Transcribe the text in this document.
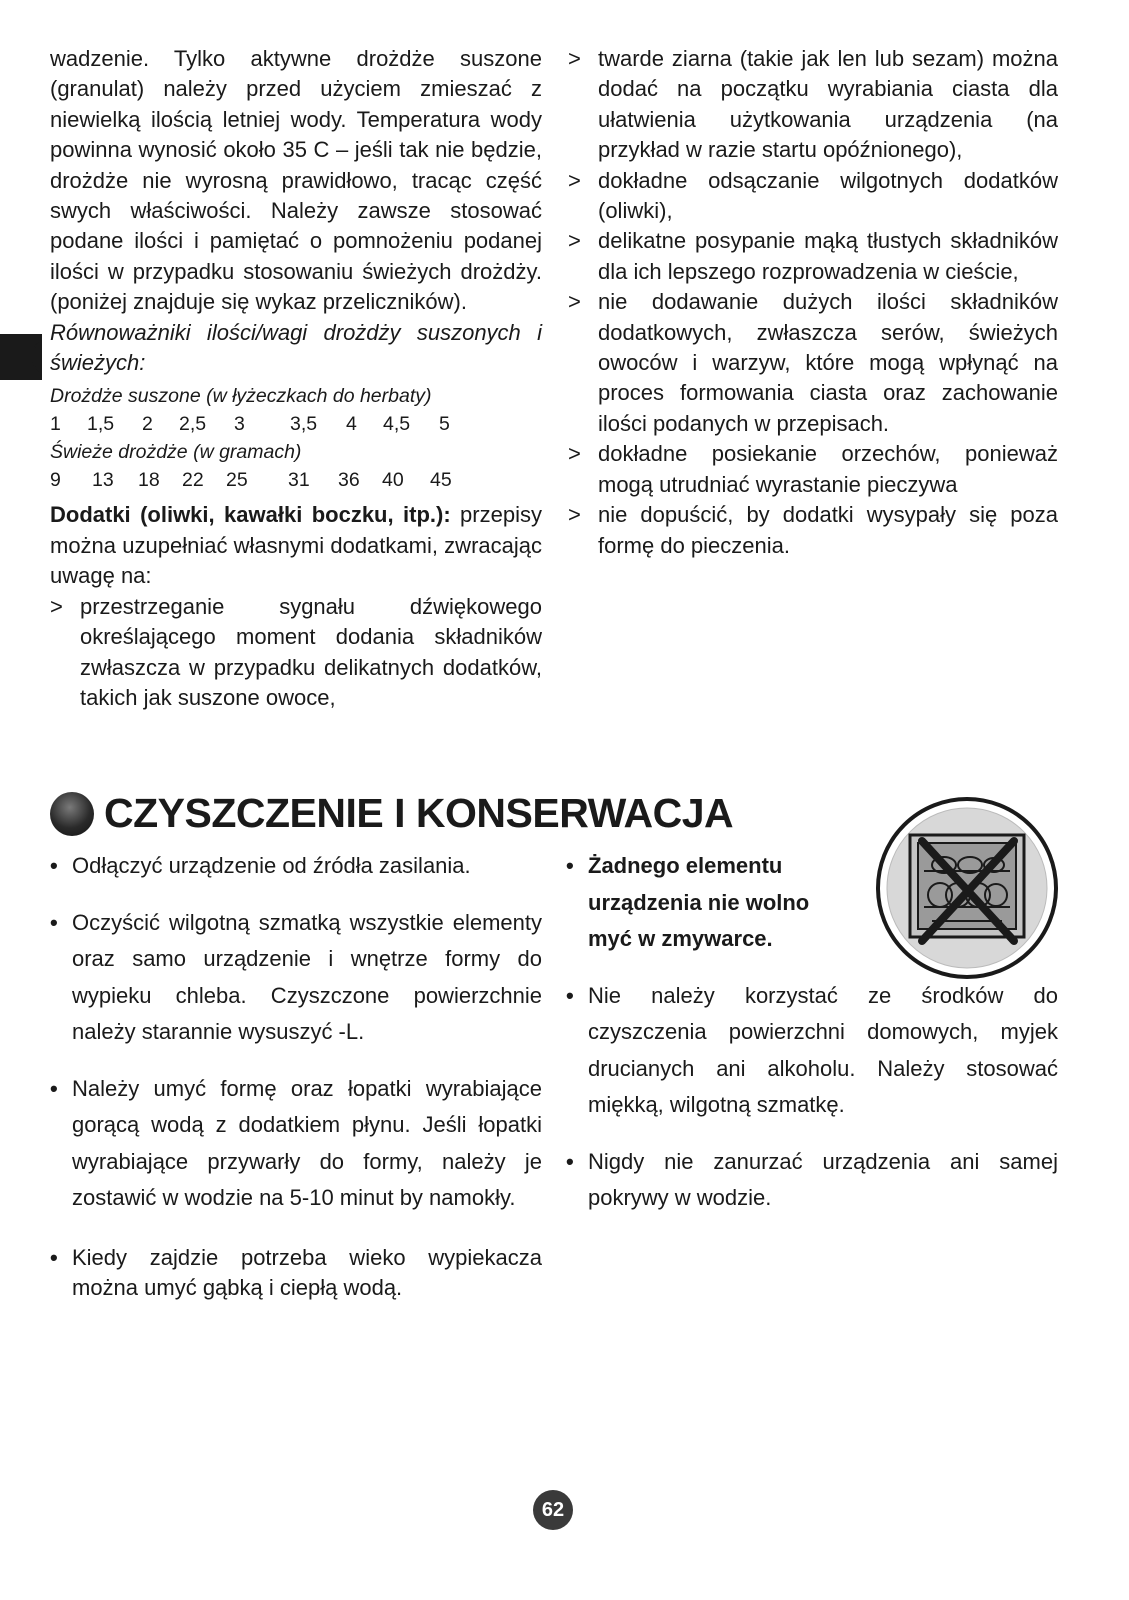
wadzenie. Tylko aktywne drożdże suszone (granulat) należy przed użyciem zmieszać z niewielką ilością letniej wody. Temperatura wody powinna wynosić około 35 C – jeśli tak nie będzie, drożdże nie wyrosną prawidłowo, tracąc część swych właściwości. Należy zawsze stosować podane ilości i pamiętać o pomnożeniu podanej ilości w przypadku stosowaniu świeżych drożdży.(poniżej znajduje się wykaz przeliczników).

Równoważniki ilości/wagi drożdży suszonych i świeżych:

Drożdże suszone (w łyżeczkach do herbaty)
1	1,5	2	2,5	3	3,5	4	4,5	5
Świeże drożdże (w gramach)
9	13	18	22	25	31	36	40	45

Dodatki (oliwki, kawałki boczku, itp.): przepisy można uzupełniać własnymi dodatkami, zwracając uwagę na:

> przestrzeganie sygnału dźwiękowego określającego moment dodania składników zwłaszcza w przypadku delikatnych dodatków, takich jak suszone owoce,
> twarde ziarna (takie jak len lub sezam) można dodać na początku wyrabiania ciasta dla ułatwienia użytkowania urządzenia (na przykład w razie startu opóźnionego),
> dokładne odsączanie wilgotnych dodatków (oliwki),
> delikatne posypanie mąką tłustych składników dla ich lepszego rozprowadzenia w cieście,
> nie dodawanie dużych ilości składników dodatkowych, zwłaszcza serów, świeżych owoców i warzyw, które mogą wpłynąć na proces formowania ciasta oraz zachowanie ilości podanych w przepisach.
> dokładne posiekanie orzechów, ponieważ mogą utrudniać wyrastanie pieczywa
> nie dopuścić, by dodatki wysypały się poza formę do pieczenia.
CZYSZCZENIE I KONSERWACJA
• Odłączyć urządzenie od źródła zasilania.
• Oczyścić wilgotną szmatką wszystkie elementy oraz samo urządzenie i wnętrze formy do wypieku chleba. Czyszczone powierzchnie należy starannie wysuszyć -L.
• Należy umyć formę oraz łopatki wyrabiające gorącą wodą z dodatkiem płynu. Jeśli łopatki wyrabiające przywarły do formy, należy je zostawić w wodzie na 5-10 minut by namokły.
• Kiedy zajdzie potrzeba wieko wypiekacza można umyć gąbką i ciepłą wodą.
• Żadnego elementu urządzenia nie wolno myć w zmywarce.
• Nie należy korzystać ze środków do czyszczenia powierzchni domowych, myjek drucianych ani alkoholu. Należy stosować miękką, wilgotną szmatkę.
• Nigdy nie zanurzać urządzenia ani samej pokrywy w wodzie.
62
